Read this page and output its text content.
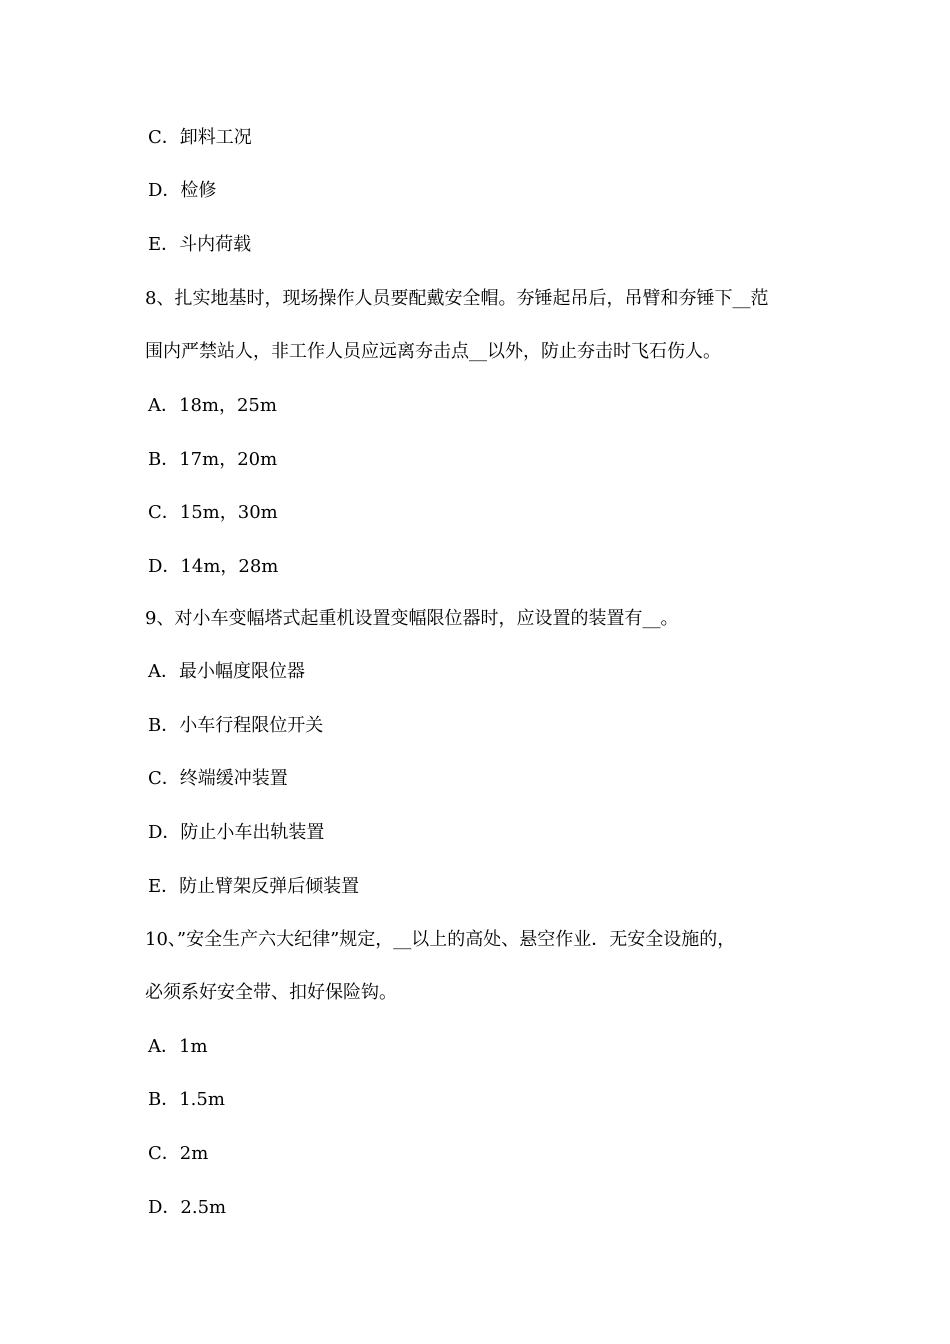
C．卸料工况
D．检修
E．斗内荷载
8、扎实地基时，现场操作人员要配戴安全帽。夯锤起吊后，吊臂和夯锤下__范
围内严禁站人，非工作人员应远离夯击点__以外，防止夯击时飞石伤人。
A．18m，25m
B．17m，20m
C．15m，30m
D．14m，28m
9、对小车变幅塔式起重机设置变幅限位器时，应设置的装置有__。
A．最小幅度限位器
B．小车行程限位开关
C．终端缓冲装置
D．防止小车出轨装置
E．防止臂架反弹后倾装置
10、”安全生产六大纪律”规定，__以上的高处、悬空作业．无安全设施的，
必须系好安全带、扣好保险钩。
A．1m
B．1.5m
C．2m
D．2.5m
